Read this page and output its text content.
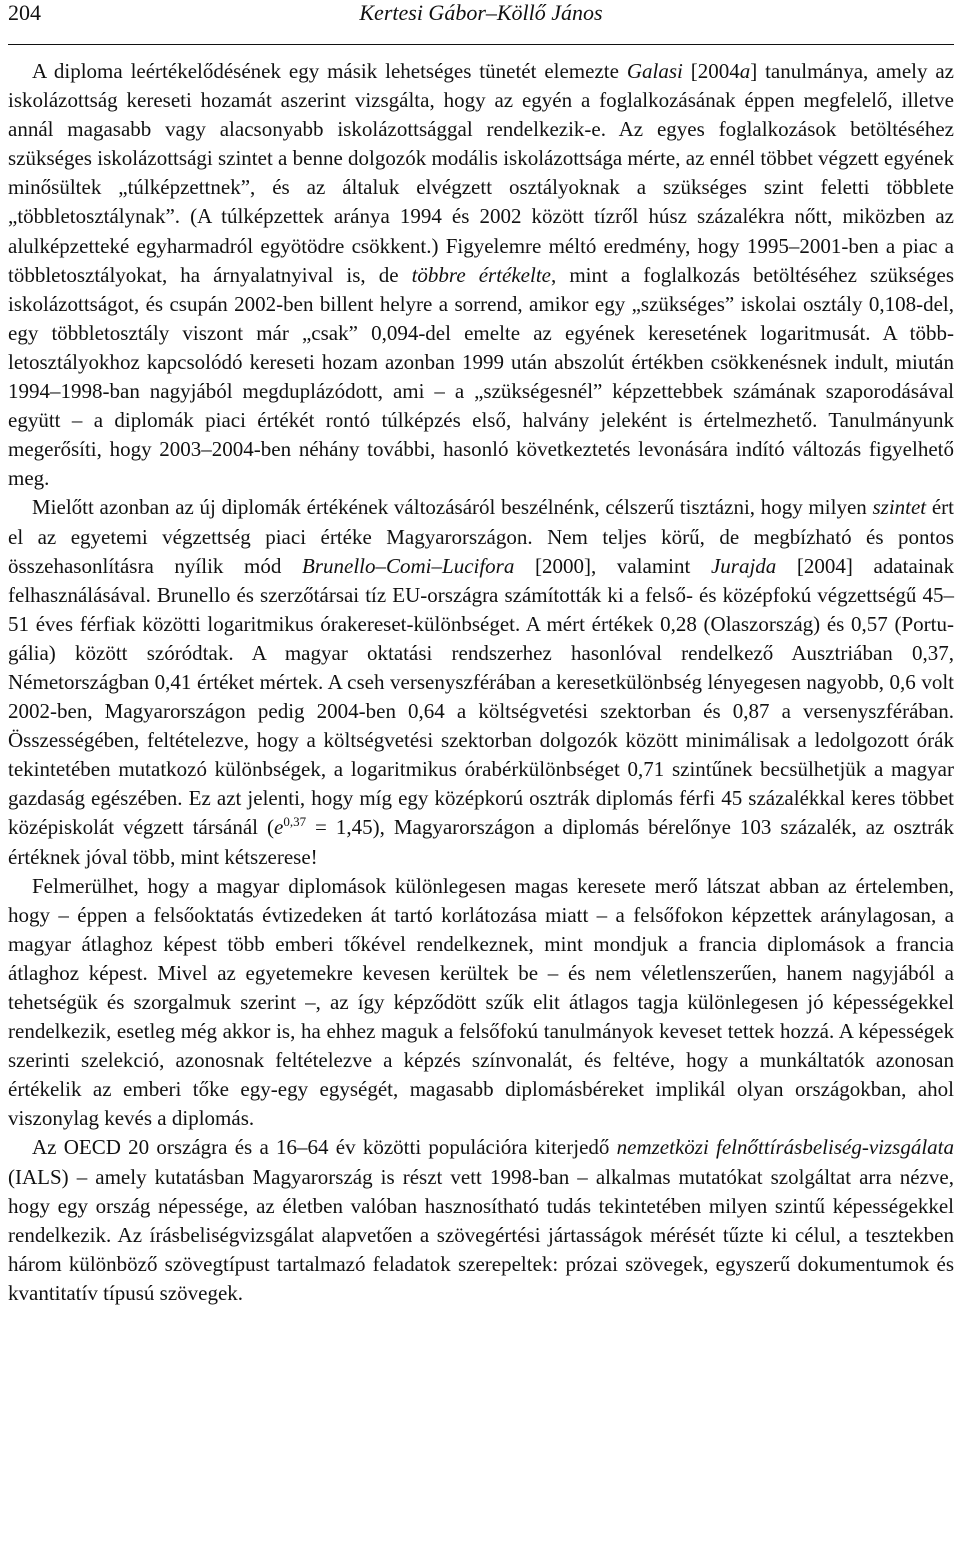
204	Kertesi Gábor–Köllő János

A diploma leértékelődésének egy másik lehetséges tünetét elemezte Galasi [2004a] tanulmánya, amely az iskolázottság kereseti hozamát aszerint vizsgálta, hogy az egyén a foglalkozásának éppen megfelelő, illetve annál magasabb vagy alacsonyabb iskolázottsággal rendelkezik-e. Az egyes foglalkozások betöltéséhez szükséges iskolázottsági szintet a benne dolgozók modális iskolázottsága mérte, az ennél többet végzett egyének minősültek „túlképzettnek”, és az általuk elvégzett osztályoknak a szükséges szint feletti többlete „többletosztálynak”. (A túlképzettek aránya 1994 és 2002 között tízről húsz százalékra nőtt, miközben az alulképzetteké egyharmadról egyötödre csökkent.) Figyelemre méltó eredmény, hogy 1995–2001-ben a piac a többletosztályokat, ha árnyalatnyival is, de többre értékelte, mint a foglalkozás betöltéséhez szükséges iskolázottságot, és csupán 2002-ben billent helyre a sorrend, amikor egy „szükséges” iskolai osztály 0,108-del, egy többletosztály viszont már „csak” 0,094-del emelte az egyének keresetének logaritmusát. A többletosztályokhoz kapcsolódó kereseti hozam azonban 1999 után abszolút értékben csökkenésnek indult, miután 1994–1998-ban nagyjából megduplázódott, ami – a „szükségesnél” képzettebbek számának szaporodásával együtt – a diplomák piaci értékét rontó túlképzés első, halvány jeleként is értelmezhető. Tanulmányunk megerősíti, hogy 2003–2004-ben néhány további, hasonló következtetés levonására indító változás figyelhető meg.

Mielőtt azonban az új diplomák értékének változásáról beszélnénk, célszerű tisztázni, hogy milyen szintet ért el az egyetemi végzettség piaci értéke Magyarországon. Nem teljes körű, de megbízható és pontos összehasonlításra nyílik mód Brunello–Comi–Lucifora [2000], valamint Jurajda [2004] adatainak felhasználásával. Brunello és szerzőtársai tíz EU-országra számították ki a felső- és középfokú végzettségű 45–51 éves férfiak közötti logaritmikus órakereset-különbséget. A mért értékek 0,28 (Olaszország) és 0,57 (Portugália) között szóródtak. A magyar oktatási rendszerhez hasonlóval rendelkező Ausztriában 0,37, Németországban 0,41 értéket mértek. A cseh versenyszférában a keresetkülönbség lényegesen nagyobb, 0,6 volt 2002-ben, Magyarországon pedig 2004-ben 0,64 a költségvetési szektorban és 0,87 a versenyszférában. Összességében, feltételezve, hogy a költségvetési szektorban dolgozók között minimálisak a ledolgozott órák tekintetében mutatkozó különbségek, a logaritmikus órabérkülönbséget 0,71 szintűnek becsülhetjük a magyar gazdaság egészében. Ez azt jelenti, hogy míg egy középkorú osztrák diplomás férfi 45 százalékkal keres többet középiskolát végzett társánál $(e^{0,37} = 1,45)$, Magyarországon a diplomás bérelőnye 103 százalék, az osztrák értéknek jóval több, mint kétszerese!

Felmerülhet, hogy a magyar diplomások különlegesen magas keresete merő látszat abban az értelemben, hogy – éppen a felsőoktatás évtizedeken át tartó korlátozása miatt – a felsőfokon képzettek aránylagosan, a magyar átlaghoz képest több emberi tőkével rendelkeznek, mint mondjuk a francia diplomások a francia átlaghoz képest. Mivel az egyetemekre kevesen kerültek be – és nem véletlenszerűen, hanem nagyjából a tehetségük és szorgalmuk szerint –, az így képződött szűk elit átlagos tagja különlegesen jó képességekkel rendelkezik, esetleg még akkor is, ha ehhez maguk a felsőfokú tanulmányok keveset tettek hozzá. A képességek szerinti szelekció, azonosnak feltételezve a képzés színvonalát, és feltéve, hogy a munkáltatók azonosan értékelik az emberi tőke egy-egy egységét, magasabb diplomásbéreket implikál olyan országokban, ahol viszonylag kevés a diplomás.

Az OECD 20 országra és a 16–64 év közötti populációra kiterjedő nemzetközi felnőttírásbeliség-vizsgálata (IALS) – amely kutatásban Magyarország is részt vett 1998-ban – alkalmas mutatókat szolgáltat arra nézve, hogy egy ország népessége, az életben valóban hasznosítható tudás tekintetében milyen szintű képességekkel rendelkezik. Az írásbeliségvizsgálat alapvetően a szövegértési jártasságok mérését tűzte ki célul, a tesztekben három különböző szövegtípust tartalmazó feladatok szerepeltek: prózai szövegek, egyszerű dokumentumok és kvantitatív típusú szövegek.
